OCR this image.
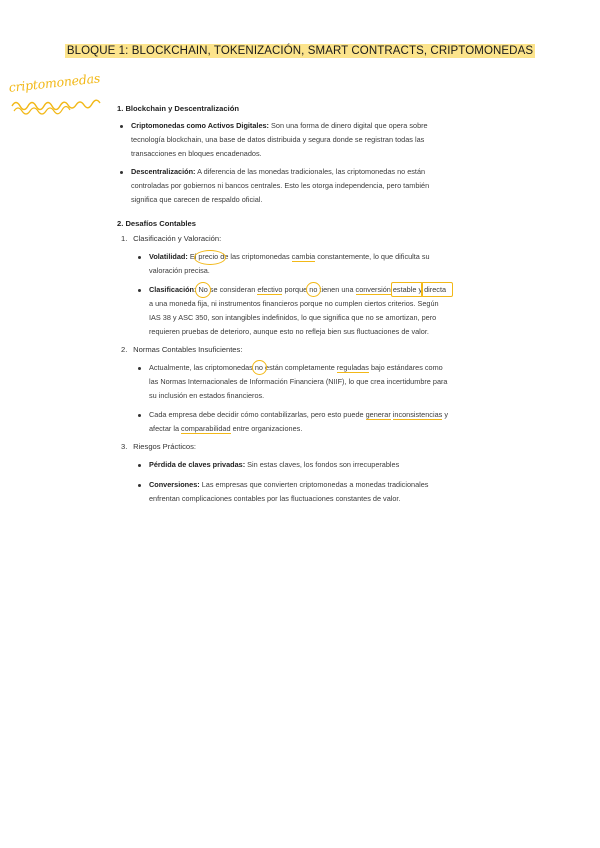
BLOQUE 1: BLOCKCHAIN, TOKENIZACIÓN, SMART CONTRACTS, CRIPTOMONEDAS
criptomonedas
1. Blockchain y Descentralización
Criptomonedas como Activos Digitales: Son una forma de dinero digital que opera sobre
tecnología blockchain, una base de datos distribuida y segura donde se registran todas las
transacciones en bloques encadenados.
Descentralización: A diferencia de las monedas tradicionales, las criptomonedas no están
controladas por gobiernos ni bancos centrales. Esto les otorga independencia, pero también
significa que carecen de respaldo oficial.
2. Desafíos Contables
1. Clasificación y Valoración:
Volatilidad: El precio de las criptomonedas cambia constantemente, lo que dificulta su
valoración precisa.
Clasificación: No se consideran efectivo porque no tienen una conversión estable y directa

a una moneda fija, ni instrumentos financieros porque no cumplen ciertos criterios. Según
IAS 38 y ASC 350, son intangibles indefinidos, lo que significa que no se amortizan, pero
requieren pruebas de deterioro, aunque esto no refleja bien sus fluctuaciones de valor.
2. Normas Contables Insuficientes:
Actualmente, las criptomonedas no están completamente reguladas bajo estándares como
las Normas Internacionales de Información Financiera (NIIF), lo que crea incertidumbre para
su inclusión en estados financieros.
Cada empresa debe decidir cómo contabilizarlas, pero esto puede generar inconsistencias y
afectar la comparabilidad entre organizaciones.
3. Riesgos Prácticos:
Pérdida de claves privadas: Sin estas claves, los fondos son irrecuperables
Conversiones: Las empresas que convierten criptomonedas a monedas tradicionales
enfrentan complicaciones contables por las fluctuaciones constantes de valor.
